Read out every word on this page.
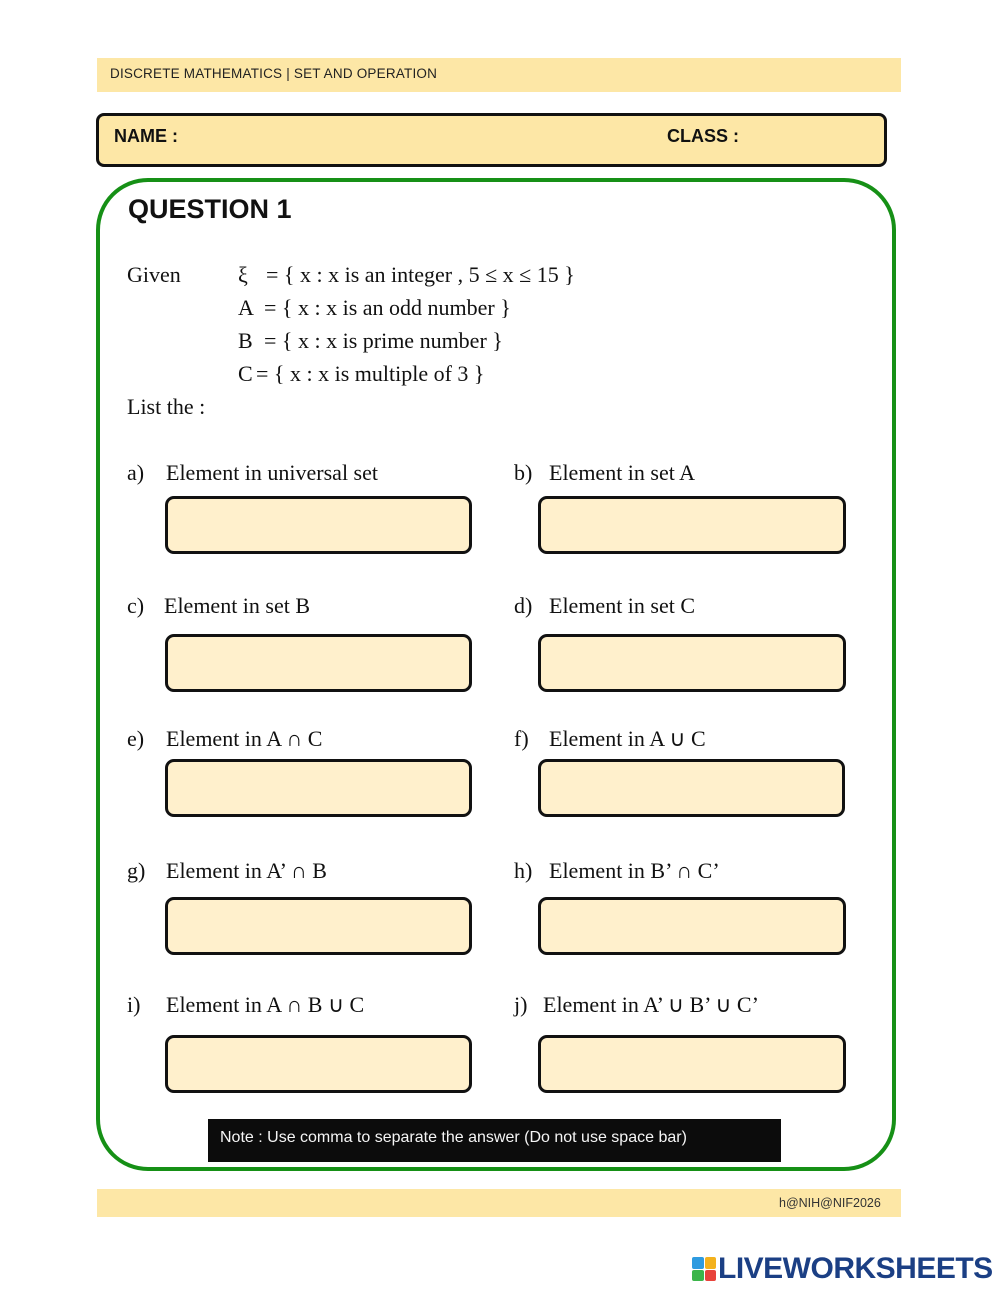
DISCRETE MATHEMATICS | SET AND OPERATION
NAME :	CLASS :
QUESTION 1
Given	ξ = { x : x is an integer , 5 ≤ x ≤ 15 }
A = { x : x is an odd number }
B = { x : x is prime number }
C = { x : x is multiple of 3 }
List the :
a) Element in universal set	b) Element in set A
c) Element in set B	d) Element in set C
e) Element in A ∩ C	f) Element in A ∪ C
g) Element in A’ ∩ B	h) Element in B’ ∩ C’
i) Element in A ∩ B ∪ C	j) Element in A’ ∪ B’ ∪ C’
Note : Use comma to separate the answer (Do not use space bar)
h@NIH@NIF2026
LIVEWORKSHEETS
